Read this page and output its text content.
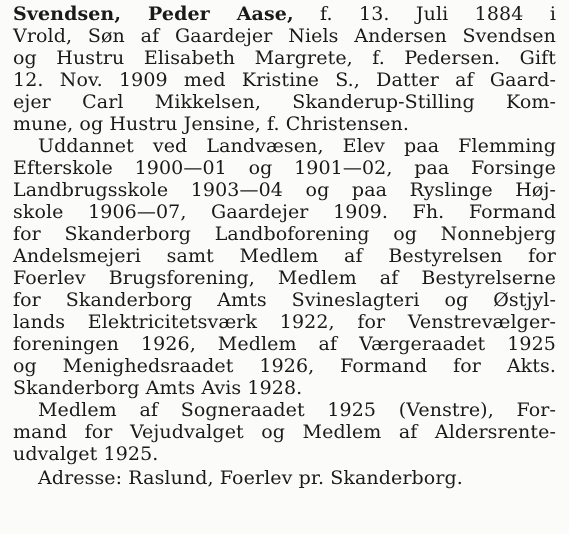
Svendsen, Peder Aase, f. 13. Juli 1884 i
Vrold, Søn af Gaardejer Niels Andersen Svendsen
og Hustru Elisabeth Margrete, f. Pedersen. Gift
12. Nov. 1909 med Kristine S., Datter af Gaard-
ejer Carl Mikkelsen, Skanderup-Stilling Kom-
mune, og Hustru Jensine, f. Christensen.
Uddannet ved Landvæsen, Elev paa Flemming
Efterskole 1900—01 og 1901—02, paa Forsinge
Landbrugsskole 1903—04 og paa Ryslinge Høj-
skole 1906—07, Gaardejer 1909. Fh. Formand
for Skanderborg Landboforening og Nonnebjerg
Andelsmejeri samt Medlem af Bestyrelsen for
Foerlev Brugsforening, Medlem af Bestyrelserne
for Skanderborg Amts Svineslagteri og Østjyl-
lands Elektricitetsværk 1922, for Venstrevælger-
foreningen 1926, Medlem af Værgeraadet 1925
og Menighedsraadet 1926, Formand for Akts.
Skanderborg Amts Avis 1928.
Medlem af Sogneraadet 1925 (Venstre), For-
mand for Vejudvalget og Medlem af Aldersrente-
udvalget 1925.
Adresse: Raslund, Foerlev pr. Skanderborg.
